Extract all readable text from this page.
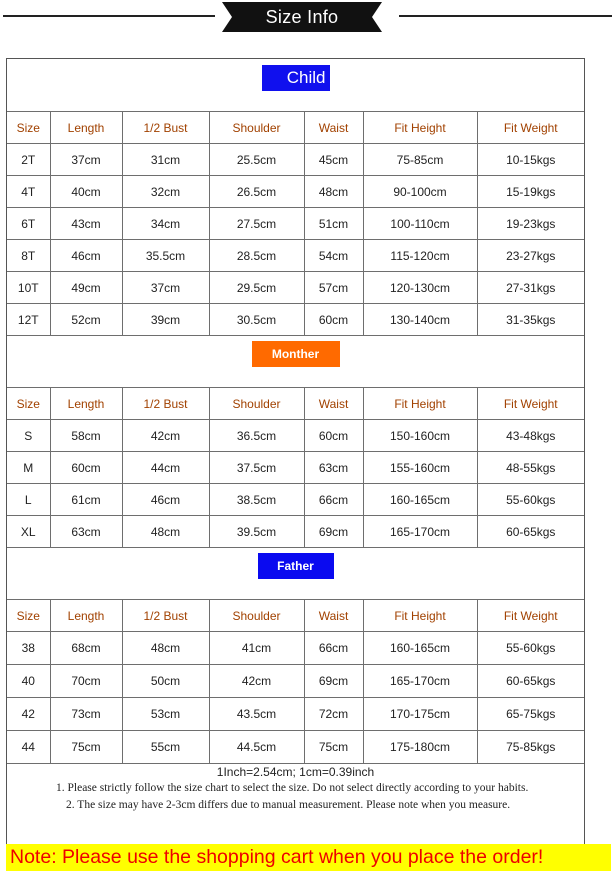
Size Info
Child
Size	Length	1/2 Bust	Shoulder	Waist	Fit Height	Fit Weight
2T	37cm	31cm	25.5cm	45cm	75-85cm	10-15kgs
4T	40cm	32cm	26.5cm	48cm	90-100cm	15-19kgs
6T	43cm	34cm	27.5cm	51cm	100-110cm	19-23kgs
8T	46cm	35.5cm	28.5cm	54cm	115-120cm	23-27kgs
10T	49cm	37cm	29.5cm	57cm	120-130cm	27-31kgs
12T	52cm	39cm	30.5cm	60cm	130-140cm	31-35kgs
Monther
Size	Length	1/2 Bust	Shoulder	Waist	Fit Height	Fit Weight
S	58cm	42cm	36.5cm	60cm	150-160cm	43-48kgs
M	60cm	44cm	37.5cm	63cm	155-160cm	48-55kgs
L	61cm	46cm	38.5cm	66cm	160-165cm	55-60kgs
XL	63cm	48cm	39.5cm	69cm	165-170cm	60-65kgs
Father
Size	Length	1/2 Bust	Shoulder	Waist	Fit Height	Fit Weight
38	68cm	48cm	41cm	66cm	160-165cm	55-60kgs
40	70cm	50cm	42cm	69cm	165-170cm	60-65kgs
42	73cm	53cm	43.5cm	72cm	170-175cm	65-75kgs
44	75cm	55cm	44.5cm	75cm	175-180cm	75-85kgs
1Inch=2.54cm; 1cm=0.39inch
1. Please strictly follow the size chart to select the size. Do not select directly according to your habits.
2. The size may have 2-3cm differs due to manual measurement. Please note when you measure.
Note: Please use the shopping cart when you place the order!
